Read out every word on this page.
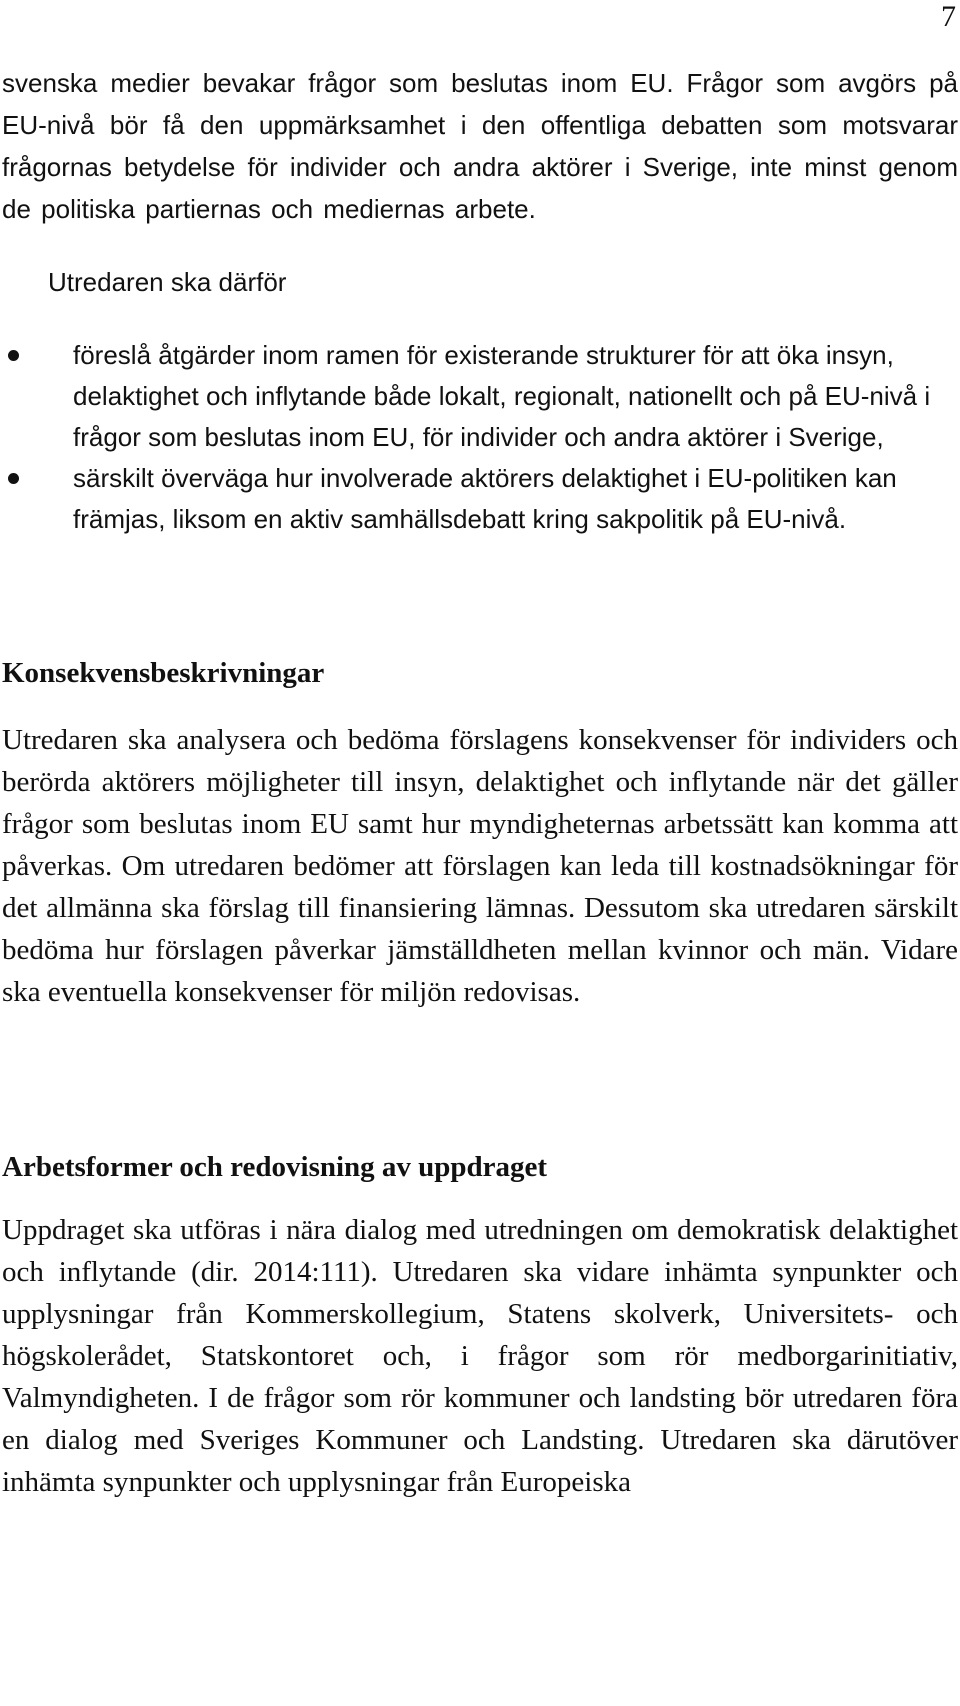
7

svenska medier bevakar frågor som beslutas inom EU. Frågor som avgörs på EU-nivå bör få den uppmärksamhet i den offentliga debatten som motsvarar frågornas betydelse för individer och andra aktörer i Sverige, inte minst genom de politiska partiernas och mediernas arbete.

Utredaren ska därför

föreslå åtgärder inom ramen för existerande strukturer för att öka insyn, delaktighet och inflytande både lokalt, regionalt, nationellt och på EU-nivå i frågor som beslutas inom EU, för individer och andra aktörer i Sverige,
särskilt överväga hur involverade aktörers delaktighet i EU-politiken kan främjas, liksom en aktiv samhällsdebatt kring sakpolitik på EU-nivå.
Konsekvensbeskrivningar

Utredaren ska analysera och bedöma förslagens konsekvenser för individers och berörda aktörers möjligheter till insyn, delaktighet och inflytande när det gäller frågor som beslutas inom EU samt hur myndigheternas arbetssätt kan komma att påverkas. Om utredaren bedömer att förslagen kan leda till kostnadsökningar för det allmänna ska förslag till finansiering lämnas. Dessutom ska utredaren särskilt bedöma hur förslagen påverkar jämställdheten mellan kvinnor och män. Vidare ska eventuella konsekvenser för miljön redovisas.

Arbetsformer och redovisning av uppdraget

Uppdraget ska utföras i nära dialog med utredningen om demokratisk delaktighet och inflytande (dir. 2014:111). Utredaren ska vidare inhämta synpunkter och upplysningar från Kommerskollegium, Statens skolverk, Universitets- och högskolerådet, Statskontoret och, i frågor som rör medborgarinitiativ, Valmyndigheten. I de frågor som rör kommuner och landsting bör utredaren föra en dialog med Sveriges Kommuner och Landsting. Utredaren ska därutöver inhämta synpunkter och upplysningar från Europeiska
